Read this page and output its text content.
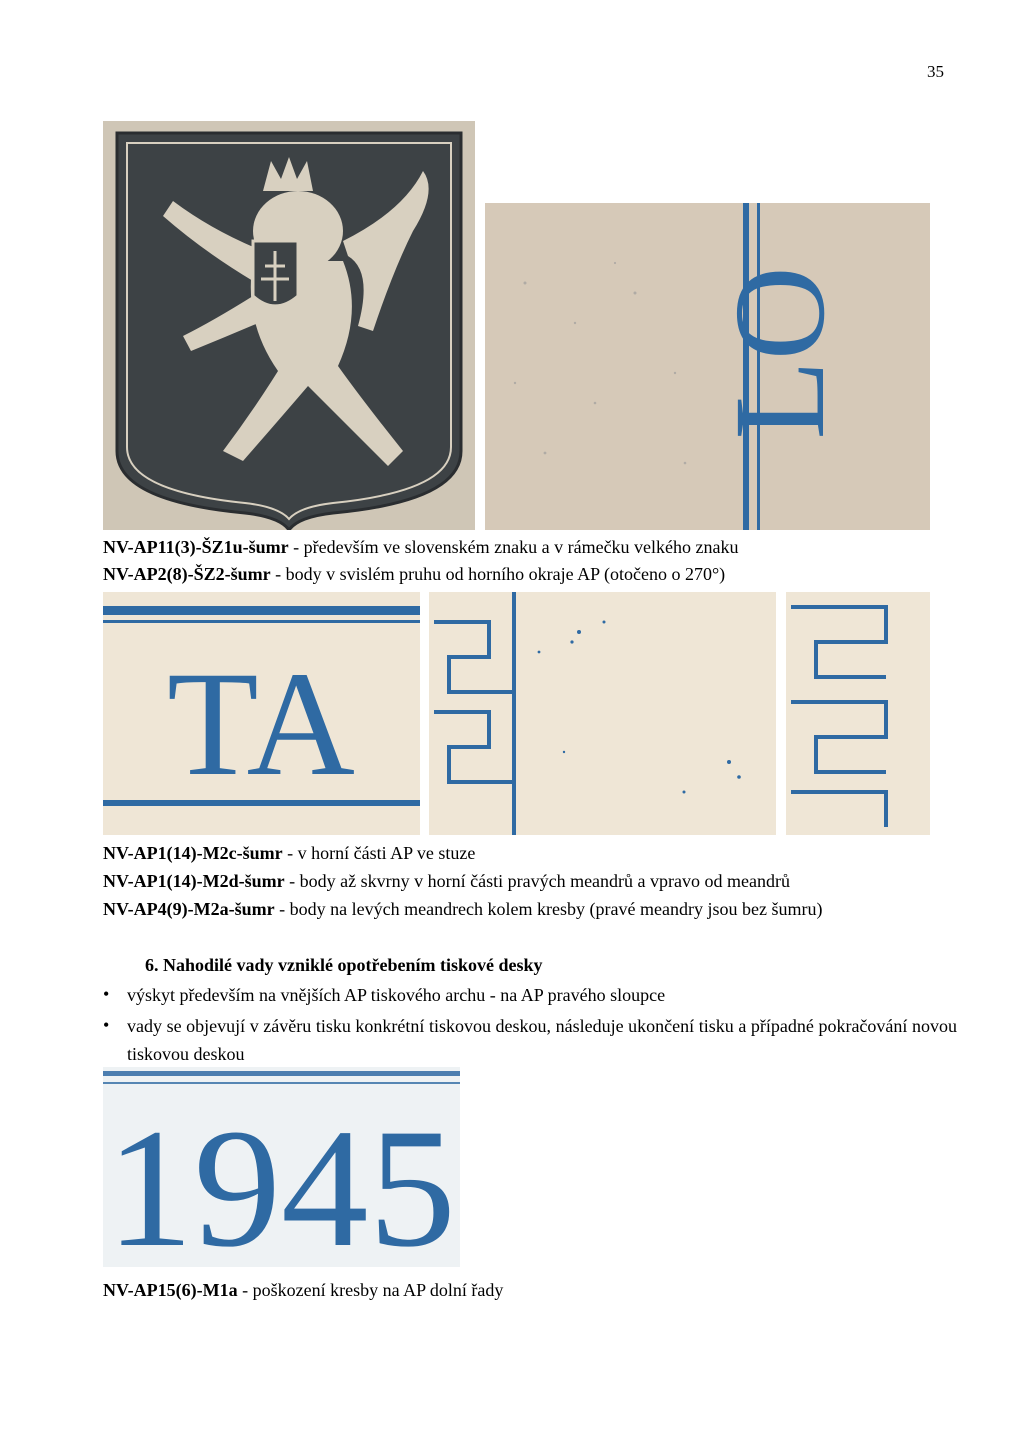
35
LO
NV-AP11(3)-ŠZ1u-šumr - především ve slovenském znaku a v rámečku velkého znaku
NV-AP2(8)-ŠZ2-šumr - body v svislém pruhu od horního okraje AP (otočeno o 270°)
TA
NV-AP1(14)-M2c-šumr - v horní části AP ve stuze
NV-AP1(14)-M2d-šumr - body až skvrny v horní části pravých meandrů a vpravo od meandrů
NV-AP4(9)-M2a-šumr - body na levých meandrech kolem kresby (pravé meandry jsou bez šumru)
6. Nahodilé vady vzniklé opotřebením tiskové desky
• výskyt především na vnějších AP tiskového archu - na AP pravého sloupce
• vady se objevují v závěru tisku konkrétní tiskovou deskou, následuje ukončení tisku a případné pokračování novou tiskovou deskou
1945
NV-AP15(6)-M1a - poškození kresby na AP dolní řady
